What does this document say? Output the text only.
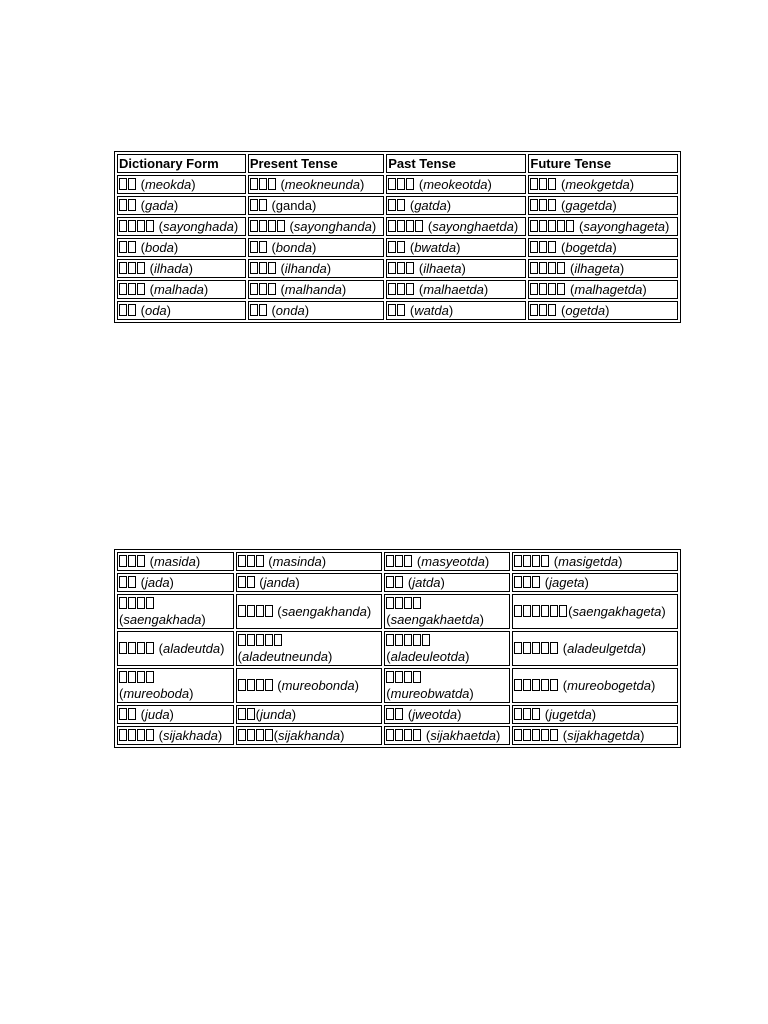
Dictionary Form	Present Tense	Past Tense	Future Tense
(meokda)	(meokneunda)	(meokeotda)	(meokgetda)
(gada)	(ganda)	(gatda)	(gagetda)
(sayonghada)	(sayonghanda)	(sayonghaetda)	(sayonghageta)
(boda)	(bonda)	(bwatda)	(bogetda)
(ilhada)	(ilhanda)	(ilhaeta)	(ilhageta)
(malhada)	(malhanda)	(malhaetda)	(malhagetda)
(oda)	(onda)	(watda)	(ogetda)
(masida)	(masinda)	(masyeotda)	(masigetda)
(jada)	(janda)	(jatda)	(jageta)

(saengakhada)	(saengakhanda)	(saengakhaetda)	(saengakhageta)
(aladeutda)	(aladeutneunda)	(aladeuleotda)	(aladeulgetda)

(mureoboda)	(mureobonda)	(mureobwatda)	(mureobogetda)
(juda)	(junda)	(jweotda)	(jugetda)
(sijakhada)	(sijakhanda)	(sijakhaetda)	(sijakhagetda)
